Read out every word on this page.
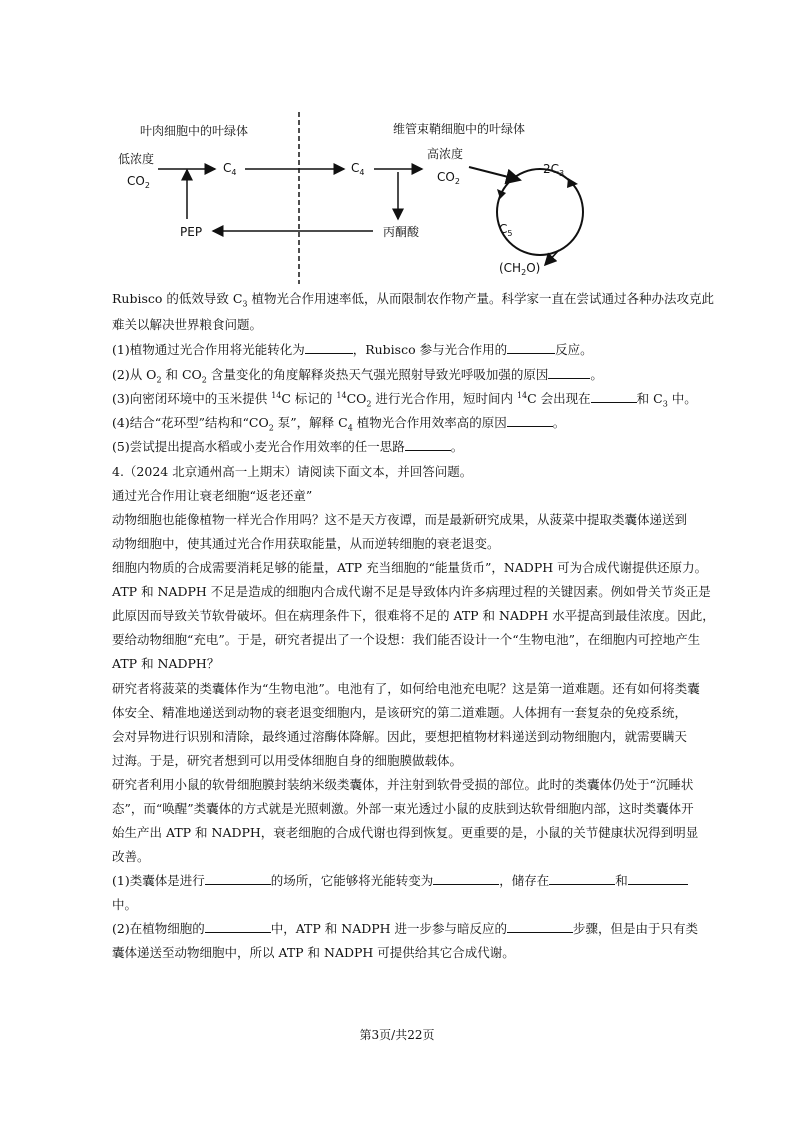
叶肉细胞中的叶绿体	维管束鞘细胞中的叶绿体
低浓度
$CO_2$
$C_4$
PEP
$C_4$
高浓度
$CO_2$
丙酮酸
$2C_3$
$C_5$
$(CH_2O)$
Rubisco 的低效导致 $C_3$ 植物光合作用速率低，从而限制农作物产量。科学家一直在尝试通过各种办法攻克此
难关以解决世界粮食问题。
(1)植物通过光合作用将光能转化为	，Rubisco 参与光合作用的	反应。
(2)从 $O_2$ 和 $CO_2$ 含量变化的角度解释炎热天气强光照射导致光呼吸加强的原因	。
(3)向密闭环境中的玉米提供 $^{14}$C 标记的 $^{14}CO_2$ 进行光合作用，短时间内 $^{14}$C 会出现在	和 $C_3$ 中。
(4)结合“花环型”结构和“$CO_2$ 泵”，解释 $C_4$ 植物光合作用效率高的原因	。
(5)尝试提出提高水稻或小麦光合作用效率的任一思路	。
4.（2024 北京通州高一上期末）请阅读下面文本，并回答问题。
通过光合作用让衰老细胞“返老还童”
动物细胞也能像植物一样光合作用吗？这不是天方夜谭，而是最新研究成果，从菠菜中提取类囊体递送到
动物细胞中，使其通过光合作用获取能量，从而逆转细胞的衰老退变。
细胞内物质的合成需要消耗足够的能量，ATP 充当细胞的“能量货币”，NADPH 可为合成代谢提供还原力。
ATP 和 NADPH 不足是造成的细胞内合成代谢不足是导致体内许多病理过程的关键因素。例如骨关节炎正是
此原因而导致关节软骨破坏。但在病理条件下，很难将不足的 ATP 和 NADPH 水平提高到最佳浓度。因此，
要给动物细胞“充电”。于是，研究者提出了一个设想：我们能否设计一个“生物电池”，在细胞内可控地产生
ATP 和 NADPH？
研究者将菠菜的类囊体作为“生物电池”。电池有了，如何给电池充电呢？这是第一道难题。还有如何将类囊
体安全、精准地递送到动物的衰老退变细胞内，是该研究的第二道难题。人体拥有一套复杂的免疫系统，
会对异物进行识别和清除，最终通过溶酶体降解。因此，要想把植物材料递送到动物细胞内，就需要瞒天
过海。于是，研究者想到可以用受体细胞自身的细胞膜做载体。
研究者利用小鼠的软骨细胞膜封装纳米级类囊体，并注射到软骨受损的部位。此时的类囊体仍处于“沉睡状
态”，而“唤醒”类囊体的方式就是光照刺激。外部一束光透过小鼠的皮肤到达软骨细胞内部，这时类囊体开
始生产出 ATP 和 NADPH，衰老细胞的合成代谢也得到恢复。更重要的是，小鼠的关节健康状况得到明显
改善。
(1)类囊体是进行	的场所，它能够将光能转变为	，储存在	和
中。
(2)在植物细胞的	中，ATP 和 NADPH 进一步参与暗反应的	步骤，但是由于只有类
囊体递送至动物细胞中，所以 ATP 和 NADPH 可提供给其它合成代谢。
第3页/共22页
